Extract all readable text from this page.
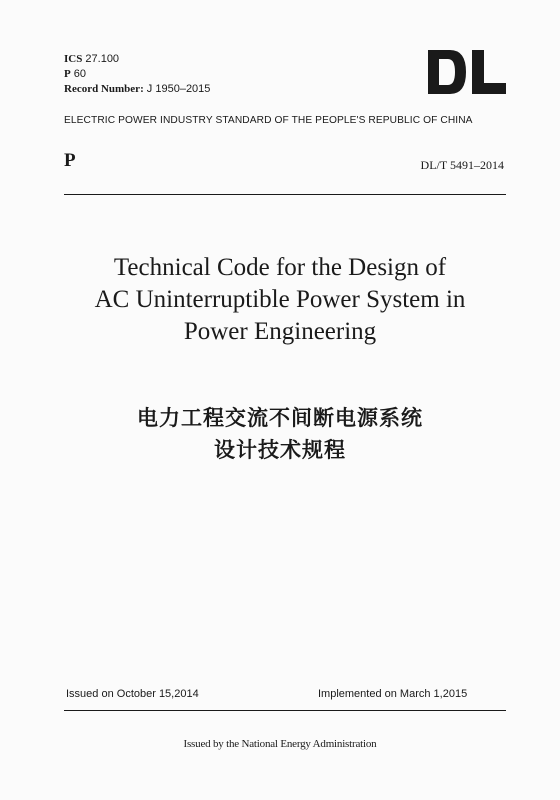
ICS 27.100
P 60
Record Number: J 1950–2015
ELECTRIC POWER INDUSTRY STANDARD OF THE PEOPLE'S REPUBLIC OF CHINA
P	DL/T 5491–2014
Technical Code for the Design of
AC Uninterruptible Power System in
Power Engineering
电力工程交流不间断电源系统
设计技术规程
Issued on October 15,2014	Implemented on March 1,2015
Issued by the National Energy Administration
